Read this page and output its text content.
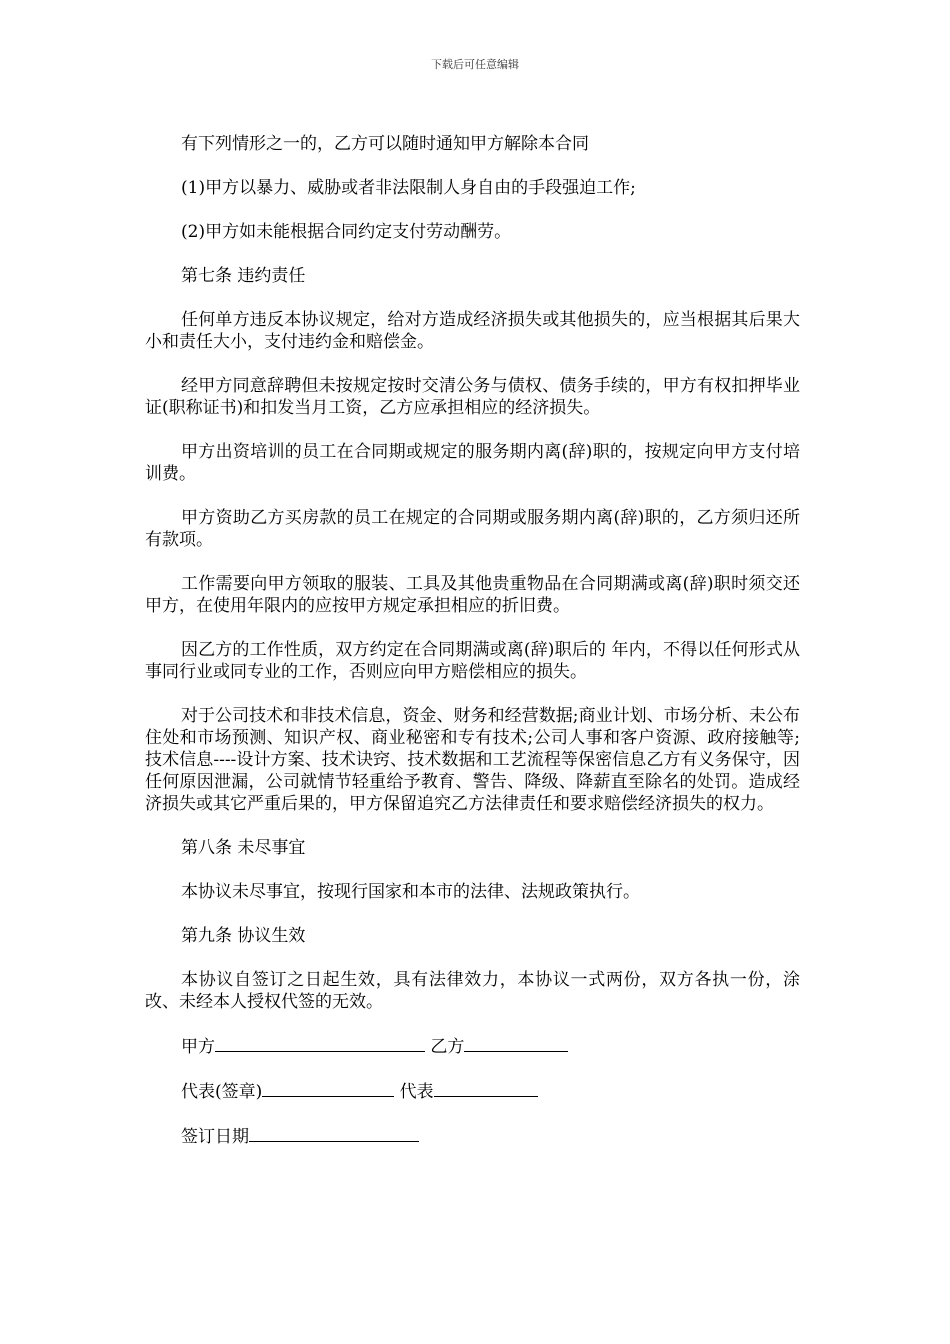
下载后可任意编辑

有下列情形之一的，乙方可以随时通知甲方解除本合同

(1)甲方以暴力、威胁或者非法限制人身自由的手段强迫工作;

(2)甲方如未能根据合同约定支付劳动酬劳。

第七条 违约责任

任何单方违反本协议规定，给对方造成经济损失或其他损失的，应当根据其后果大小和责任大小，支付违约金和赔偿金。

经甲方同意辞聘但未按规定按时交清公务与债权、债务手续的，甲方有权扣押毕业证(职称证书)和扣发当月工资，乙方应承担相应的经济损失。

甲方出资培训的员工在合同期或规定的服务期内离(辞)职的，按规定向甲方支付培训费。

甲方资助乙方买房款的员工在规定的合同期或服务期内离(辞)职的，乙方须归还所有款项。

工作需要向甲方领取的服装、工具及其他贵重物品在合同期满或离(辞)职时须交还甲方，在使用年限内的应按甲方规定承担相应的折旧费。

因乙方的工作性质，双方约定在合同期满或离(辞)职后的 年内，不得以任何形式从事同行业或同专业的工作，否则应向甲方赔偿相应的损失。

对于公司技术和非技术信息，资金、财务和经营数据;商业计划、市场分析、未公布住处和市场预测、知识产权、商业秘密和专有技术;公司人事和客户资源、政府接触等;技术信息----设计方案、技术诀窍、技术数据和工艺流程等保密信息乙方有义务保守，因任何原因泄漏，公司就情节轻重给予教育、警告、降级、降薪直至除名的处罚。造成经济损失或其它严重后果的，甲方保留追究乙方法律责任和要求赔偿经济损失的权力。

第八条 未尽事宜

本协议未尽事宜，按现行国家和本市的法律、法规政策执行。

第九条 协议生效

本协议自签订之日起生效，具有法律效力，本协议一式两份，双方各执一份，涂改、未经本人授权代签的无效。

甲方	乙方
代表(签章)	代表
签订日期
